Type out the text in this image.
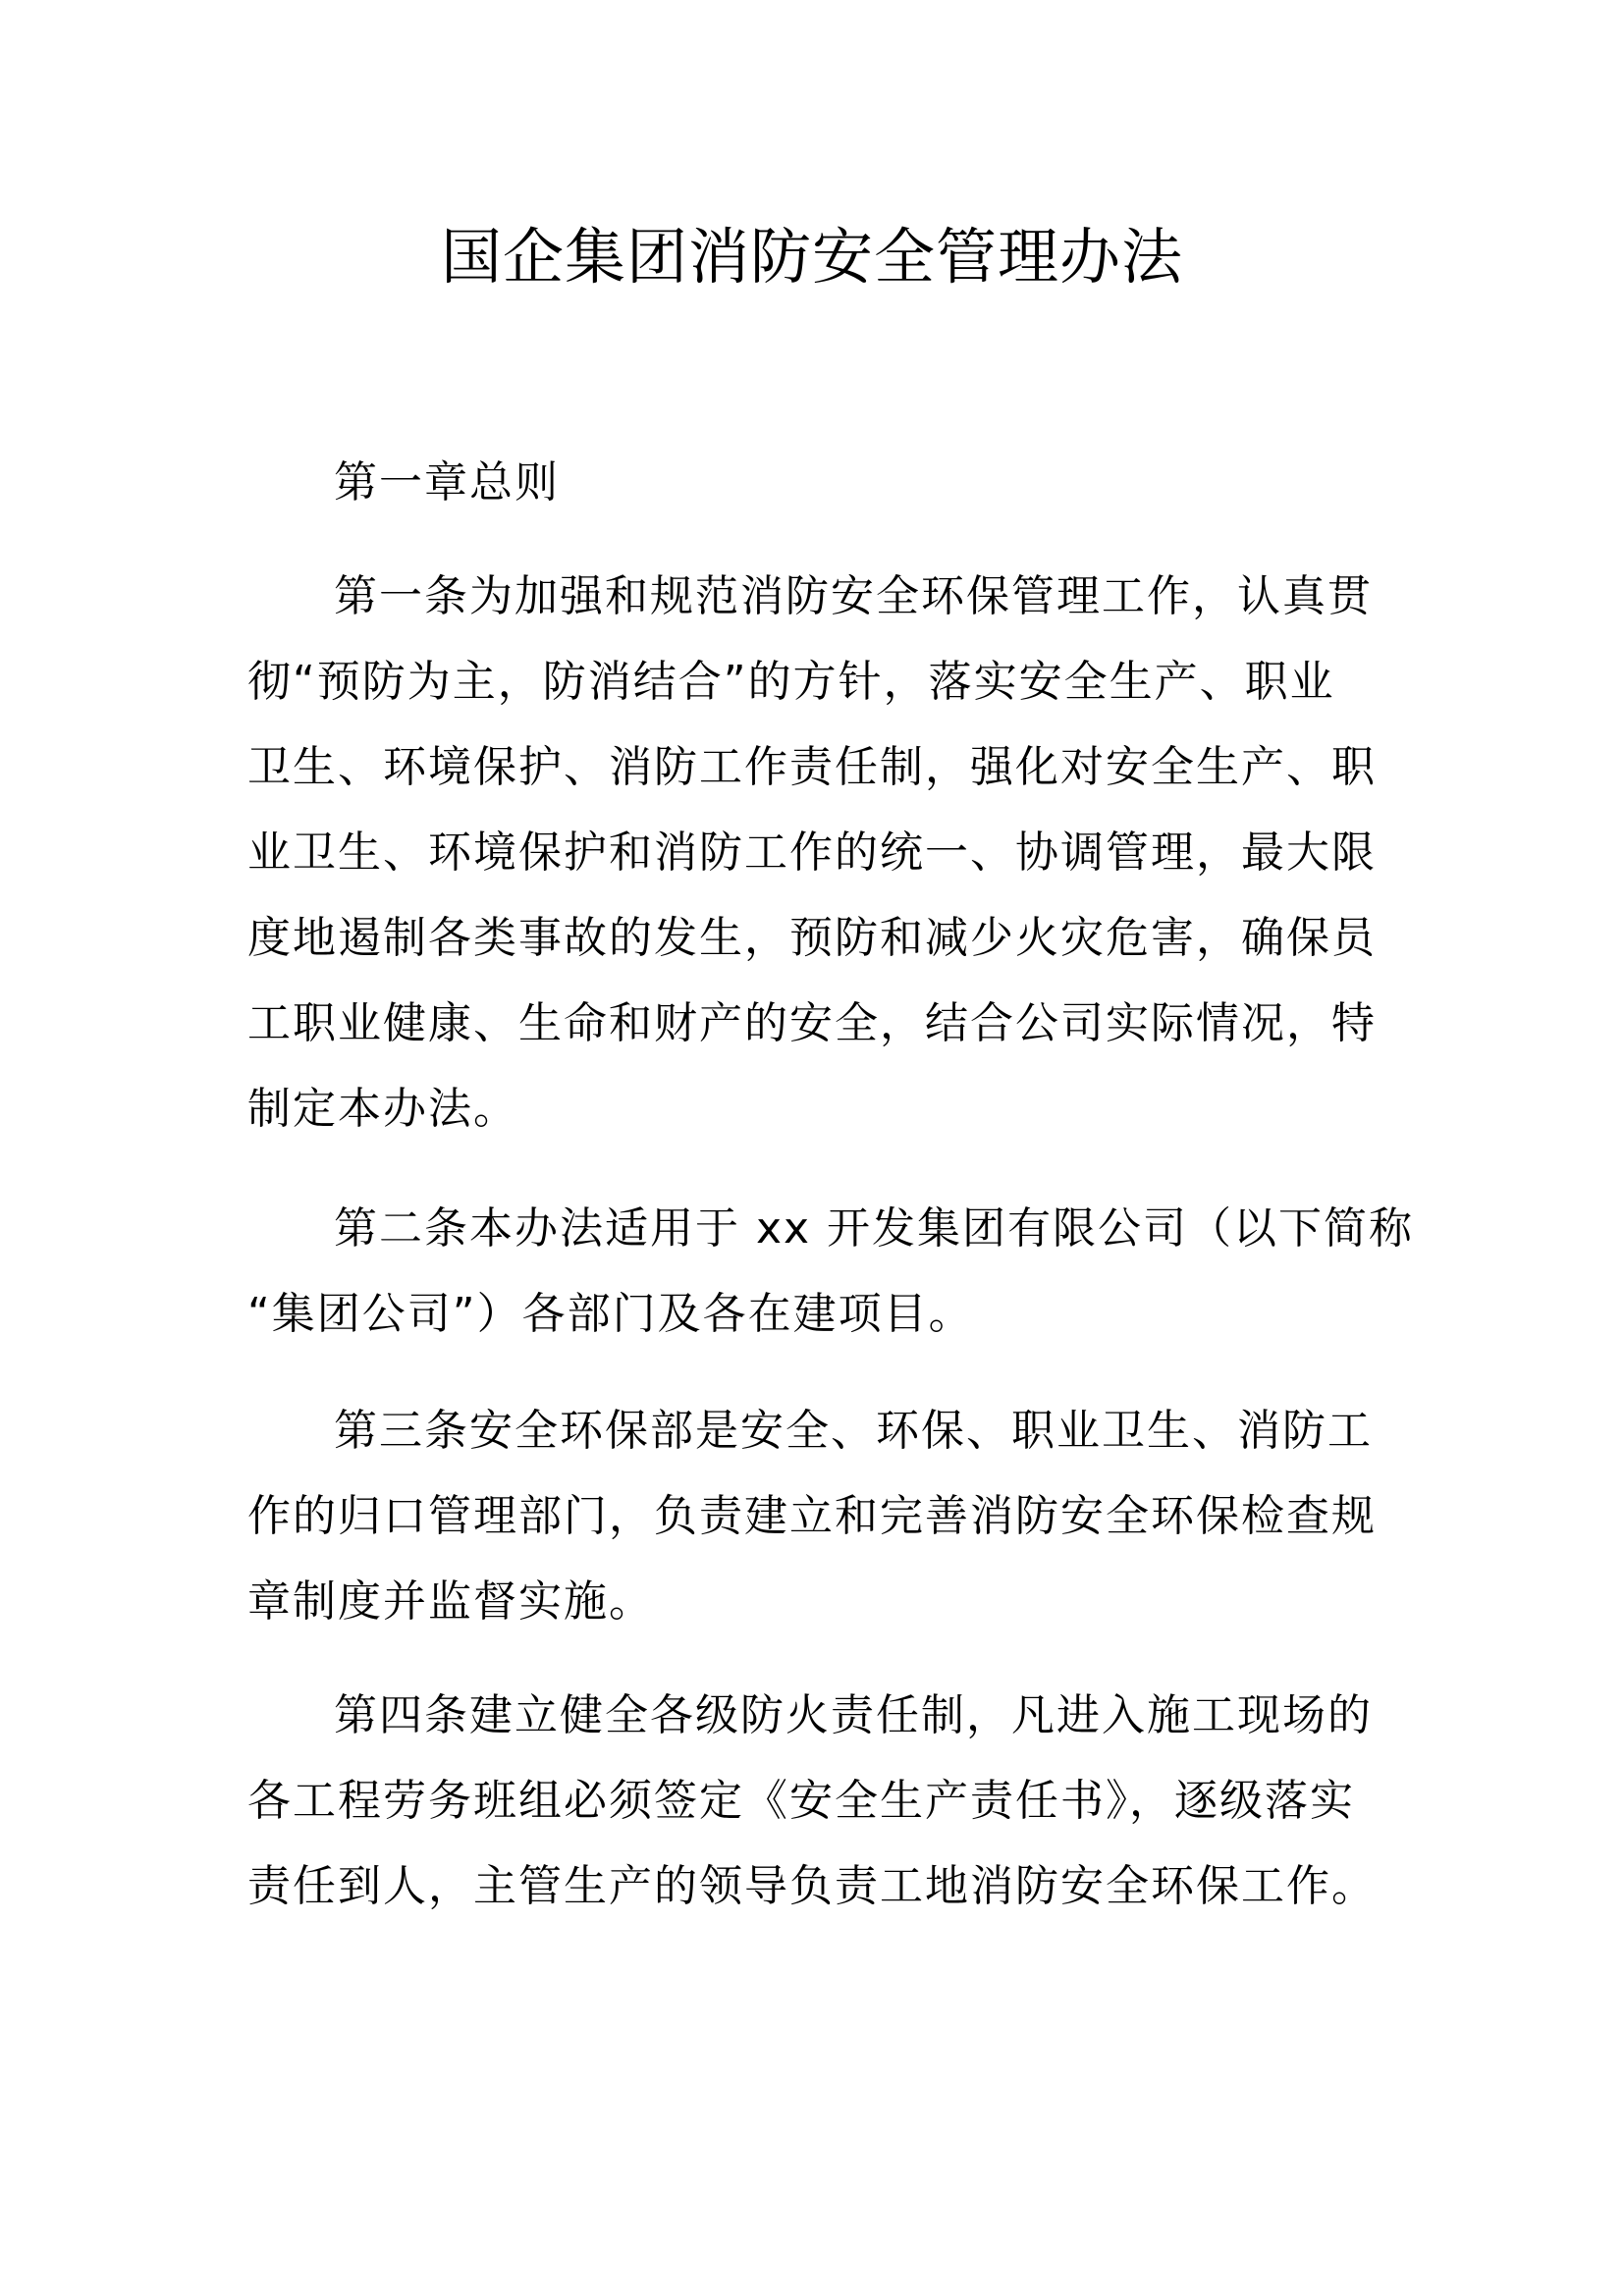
国企集团消防安全管理办法
第一章总则
第一条为加强和规范消防安全环保管理工作，认真贯
彻“预防为主，防消结合”的方针，落实安全生产、职业
卫生、环境保护、消防工作责任制，强化对安全生产、职
业卫生、环境保护和消防工作的统一、协调管理，最大限
度地遏制各类事故的发生，预防和减少火灾危害，确保员
工职业健康、生命和财产的安全，结合公司实际情况，特
制定本办法。
第二条本办法适用于 xx 开发集团有限公司（以下简称
“集团公司”）各部门及各在建项目。
第三条安全环保部是安全、环保、职业卫生、消防工
作的归口管理部门，负责建立和完善消防安全环保检查规
章制度并监督实施。
第四条建立健全各级防火责任制，凡进入施工现场的
各工程劳务班组必须签定《安全生产责任书》，逐级落实
责任到人，主管生产的领导负责工地消防安全环保工作。
